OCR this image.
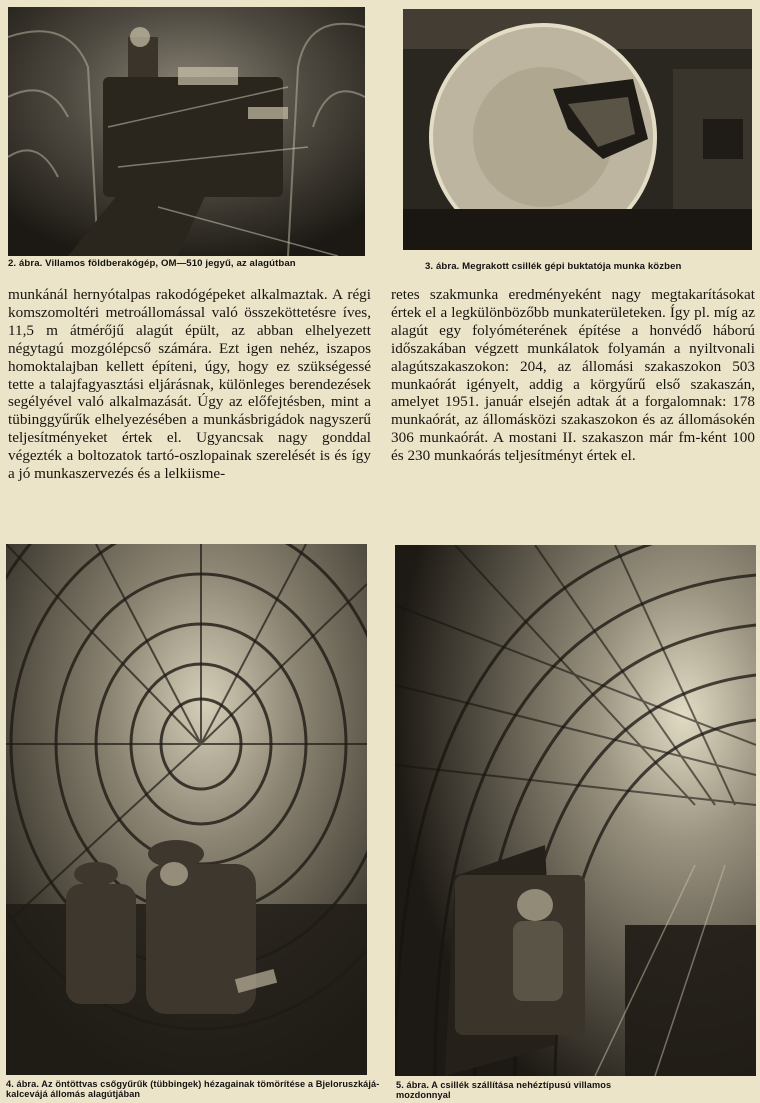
2. ábra. Villamos földberakógép, OM—510 jegyű, az alagútban	3. ábra. Megrakott csillék gépi buktatója munka közben

munkánál hernyótalpas rakodógépeket alkalmaztak. A régi komszomoltéri metroállomással való összeköttetésre íves, 11,5 m átmérőjű alagút épült, az abban elhelyezett négytagú mozgólépcső számára. Ezt igen nehéz, iszapos homoktalajban kellett építeni, úgy, hogy ez szükségessé tette a talajfagyasztási eljárásnak, különleges berendezések segélyével való alkalmazását. Úgy az előfejtésben, mint a tübinggyűrűk elhelyezésében a munkásbrigádok nagyszerű teljesítményeket értek el. Ugyancsak nagy gonddal végezték a boltozatok tartó-oszlopainak szerelését is és így a jó munkaszervezés és a lelkiisme-

retes szakmunka eredményeként nagy megtakarításokat értek el a legkülönbözőbb munkaterületeken. Így pl. míg az alagút egy folyóméterének építése a honvédő háború időszakában végzett munkálatok folyamán a nyiltvonali alagútszakaszokon: 204, az állomási szakaszokon 503 munkaórát igényelt, addig a körgyűrű első szakaszán, amelyet 1951. január elsején adtak át a forgalomnak: 178 munkaórát, az állomásközi szakaszokon és az állomásokén 306 munkaórát. A mostani II. szakaszon már fm-ként 100 és 230 munkaórás teljesítményt értek el.

4. ábra. Az öntöttvas csőgyűrűk (tübbingek) hézagainak tömörítése a Bjeloruszkájá-kalcevájá állomás alagútjában
5. ábra. A csillék szállítása nehéztípusú villamos mozdonnyal
